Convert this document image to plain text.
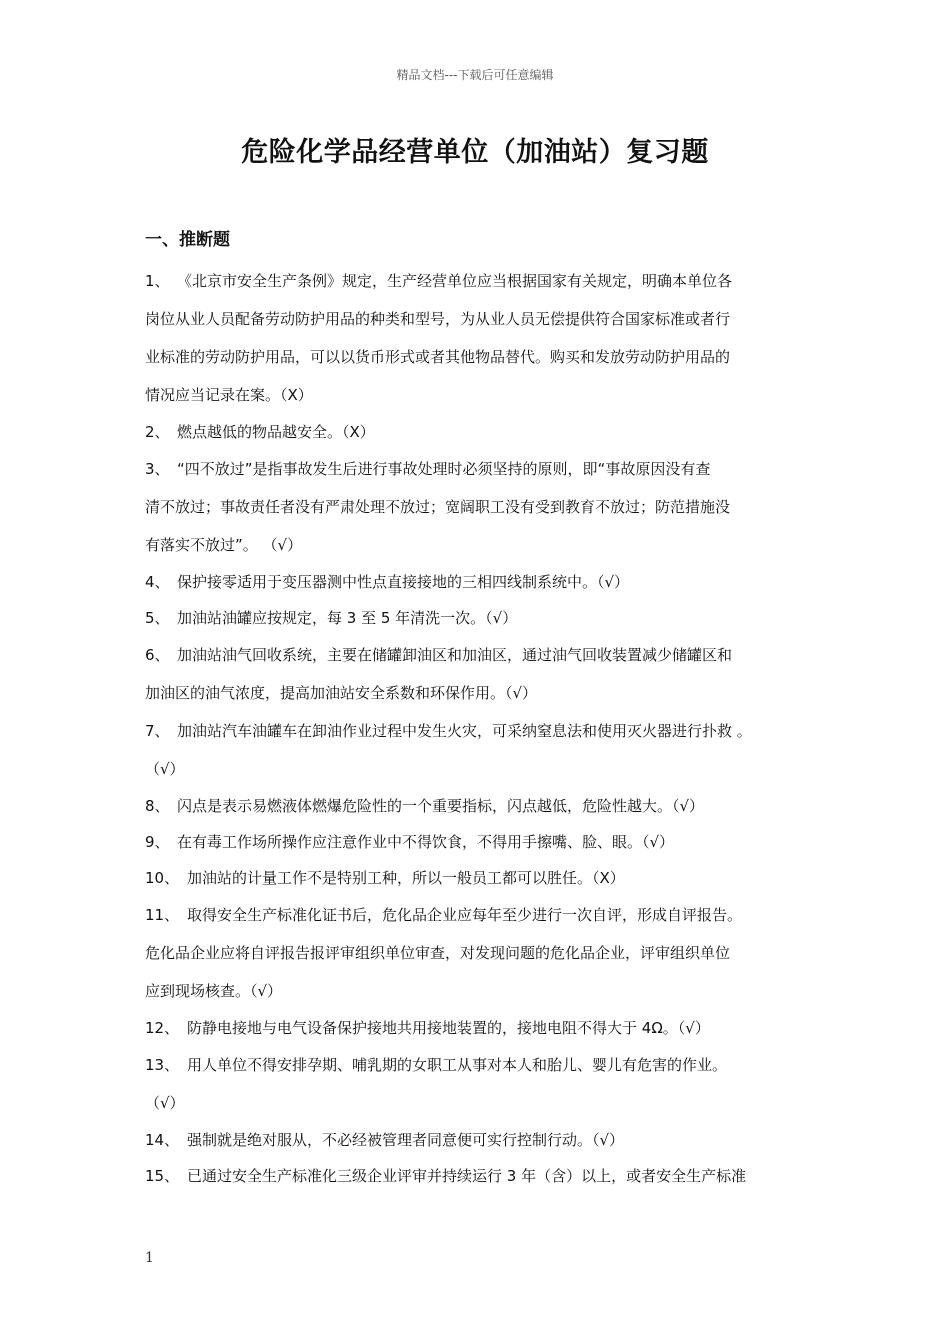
精品文档---下载后可任意编辑
危险化学品经营单位（加油站）复习题
一、推断题

1、 《北京市安全生产条例》规定，生产经营单位应当根据国家有关规定，明确本单位各

岗位从业人员配备劳动防护用品的种类和型号，为从业人员无偿提供符合国家标准或者行

业标准的劳动防护用品，可以以货币形式或者其他物品替代。购买和发放劳动防护用品的

情况应当记录在案。（X）

2、 燃点越低的物品越安全。（X）

3、 “四不放过”是指事故发生后进行事故处理时必须坚持的原则，即“事故原因没有查

清不放过；事故责任者没有严肃处理不放过；宽阔职工没有受到教育不放过；防范措施没

有落实不放过”。 （√）

4、 保护接零适用于变压器测中性点直接接地的三相四线制系统中。（√）

5、 加油站油罐应按规定，每 3 至 5 年清洗一次。（√）

6、 加油站油气回收系统，主要在储罐卸油区和加油区，通过油气回收装置减少储罐区和

加油区的油气浓度，提高加油站安全系数和环保作用。（√）

7、 加油站汽车油罐车在卸油作业过程中发生火灾，可采纳窒息法和使用灭火器进行扑救 。

（√）

8、 闪点是表示易燃液体燃爆危险性的一个重要指标，闪点越低，危险性越大。（√）

9、 在有毒工作场所操作应注意作业中不得饮食，不得用手擦嘴、脸、眼。（√）

10、 加油站的计量工作不是特别工种，所以一般员工都可以胜任。（X）

11、 取得安全生产标准化证书后，危化品企业应每年至少进行一次自评，形成自评报告。

危化品企业应将自评报告报评审组织单位审查，对发现问题的危化品企业，评审组织单位

应到现场核查。（√）

12、 防静电接地与电气设备保护接地共用接地装置的，接地电阻不得大于 4Ω。（√）

13、 用人单位不得安排孕期、哺乳期的女职工从事对本人和胎儿、婴儿有危害的作业。

（√）

14、 强制就是绝对服从，不必经被管理者同意便可实行控制行动。（√）

15、 已通过安全生产标准化三级企业评审并持续运行 3 年（含）以上，或者安全生产标准

1
